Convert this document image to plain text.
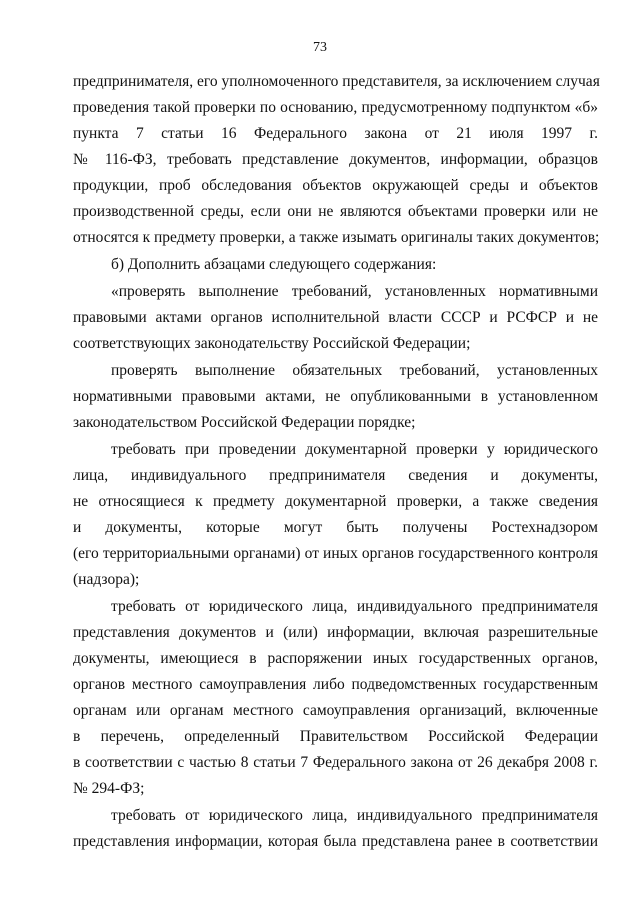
73
предпринимателя, его уполномоченного представителя, за исключением случая
проведения такой проверки по основанию, предусмотренному подпунктом «б»
пункта 7 статьи 16 Федерального закона от 21 июля 1997 г.
№ 116-ФЗ, требовать представление документов, информации, образцов
продукции, проб обследования объектов окружающей среды и объектов
производственной среды, если они не являются объектами проверки или не
относятся к предмету проверки, а также изымать оригиналы таких документов;
б) Дополнить абзацами следующего содержания:
«проверять выполнение требований, установленных нормативными
правовыми актами органов исполнительной власти СССР и РСФСР и не
соответствующих законодательству Российской Федерации;
проверять выполнение обязательных требований, установленных
нормативными правовыми актами, не опубликованными в установленном
законодательством Российской Федерации порядке;
требовать при проведении документарной проверки у юридического
лица, индивидуального предпринимателя сведения и документы,
не относящиеся к предмету документарной проверки, а также сведения
и документы, которые могут быть получены Ростехнадзором
(его территориальными органами) от иных органов государственного контроля
(надзора);
требовать от юридического лица, индивидуального предпринимателя
представления документов и (или) информации, включая разрешительные
документы, имеющиеся в распоряжении иных государственных органов,
органов местного самоуправления либо подведомственных государственным
органам или органам местного самоуправления организаций, включенные
в перечень, определенный Правительством Российской Федерации
в соответствии с частью 8 статьи 7 Федерального закона от 26 декабря 2008 г.
№ 294-ФЗ;
требовать от юридического лица, индивидуального предпринимателя
представления информации, которая была представлена ранее в соответствии
